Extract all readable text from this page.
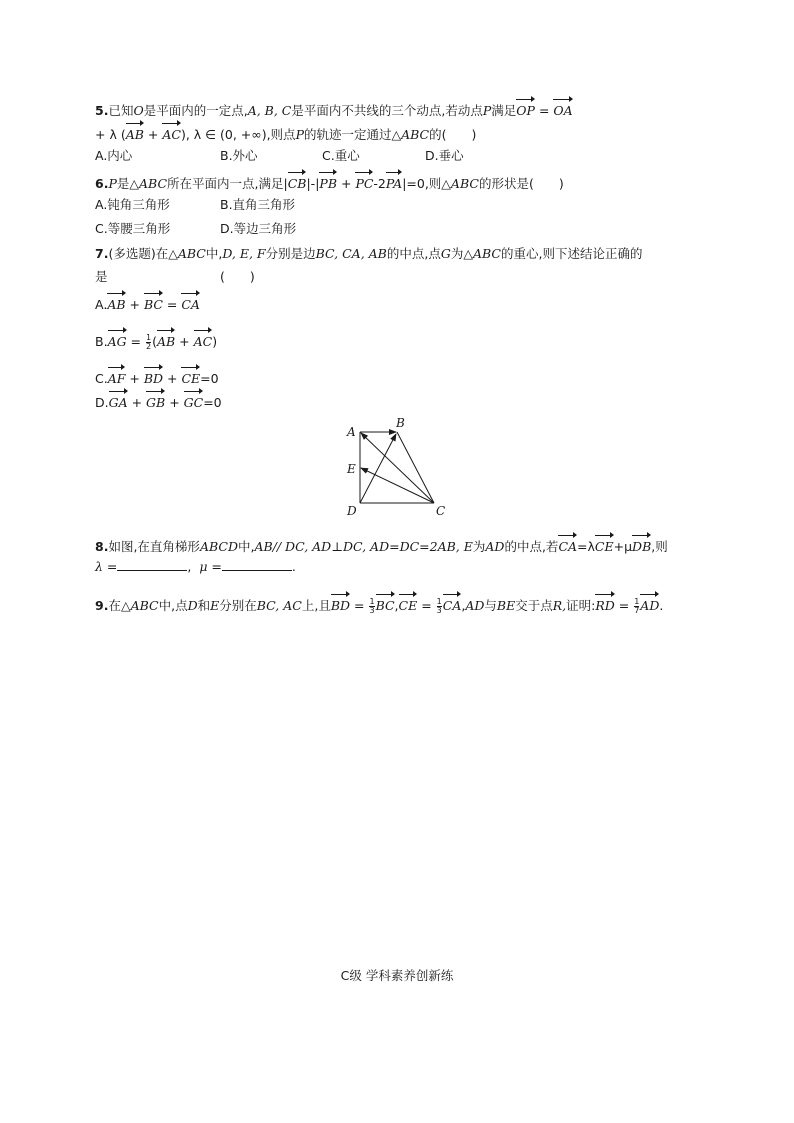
5.已知O是平面内的一定点,A, B, C是平面内不共线的三个动点,若动点P满足OP = OA
+ λ (AB + AC), λ ∈ (0, +∞),则点P的轨迹一定通过△ABC的(　　)
A.内心	B.外心	C.重心	D.垂心
6.P是△ABC所在平面内一点,满足|CB|-|PB + PC-2PA|=0,则△ABC的形状是(　　)
A.钝角三角形	B.直角三角形
C.等腰三角形	D.等边三角形
7.(多选题)在△ABC中,D, E, F分别是边BC, CA, AB的中点,点G为△ABC的重心,则下述结论正确的
是　　　　　　　　　(　　)
A.AB + BC = CA
$B.AG = \frac{1}{2} (AB + AC)$
C.AF + BD + CE=0
D.GA + GB + GC=0
A
B
E
D	C
8.如图,在直角梯形ABCD中,AB// DC, AD⊥DC, AD=DC=2AB, E为AD的中点,若CA=λCE+μDB,则
λ =	, μ =	.
9.在△ABC中,点D和E分别在BC, AC上,且BD = $\frac{1}{3} BC,CE = \frac{1}{3} CA,AD$与BE交于点R,证明:RD = $\frac{1}{7}$ AD.
C级 学科素养创新练
